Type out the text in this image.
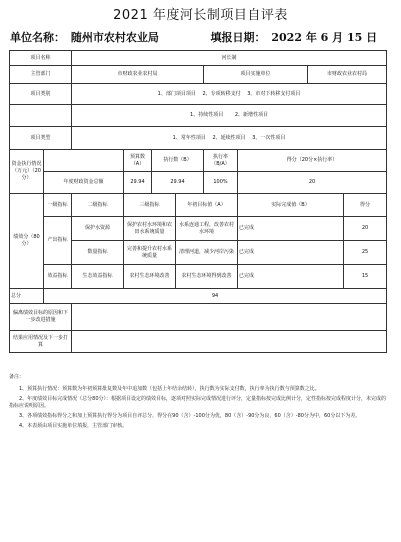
2021 年度河长制项目自评表
单位名称： 随州市农村农业局	填报日期： 2022 年 6 月 15 日
项目名称		河长制							
主管部门		市财政农业农村局				项目实施单位		市财政农业农村局	
项目类别		1、部门项目项目　 2、专项转移支付　 3、市对下转移支付项目							
		1、持续性项目　　 2、新增性项目							
项目类型		1、常年性项目　 2、延续性项目　 3、一次性项目							
资金执行情况（万元）（20分）			预算数（A）	执行数（B）		执行率（B/A）	得分（20分×执行率）		
	年度财政资金总额		29.94	29.94		100%	20		
绩效分（80分）	一级指标	二级指标	三级指标		年初目标值（A）		实际完成值（B）		得分
	产出指标	保护水资源	保护农村水环境和农田水系统质量		水系连通工程，改善农村水环境		已完成		20
		数量指标	完善和提升农村水系统质量		清理河道，减少河岸污染		已完成		25
	效益指标	生态效益指标	农村生态环境改善		农村生态环境得到改善		已完成		15
总分	94								
偏离绩效目标的原因和下一步改进措施									
结果应用情况及下一步打算									

备注：

1、预算执行情况：预算数为年初预算批复数及年中追加数（包括上年结余结转），执行数为实际支付数，执行率为执行数与预算数之比。

2、年度绩效目标完成情况（总分80分）：根据项目设定的绩效目标，逐项对照实际完成情况进行评分，定量指标按完成比例计分，定性指标按完成程度计分，未完成的指标应说明原因。

3、各项绩效指标得分之和加上预算执行得分为项目自评总分，得分在90（含）-100分为优，80（含）-90分为良，60（含）-80分为中，60分以下为差。

4、本表须由项目实施单位填报，主管部门审核。
